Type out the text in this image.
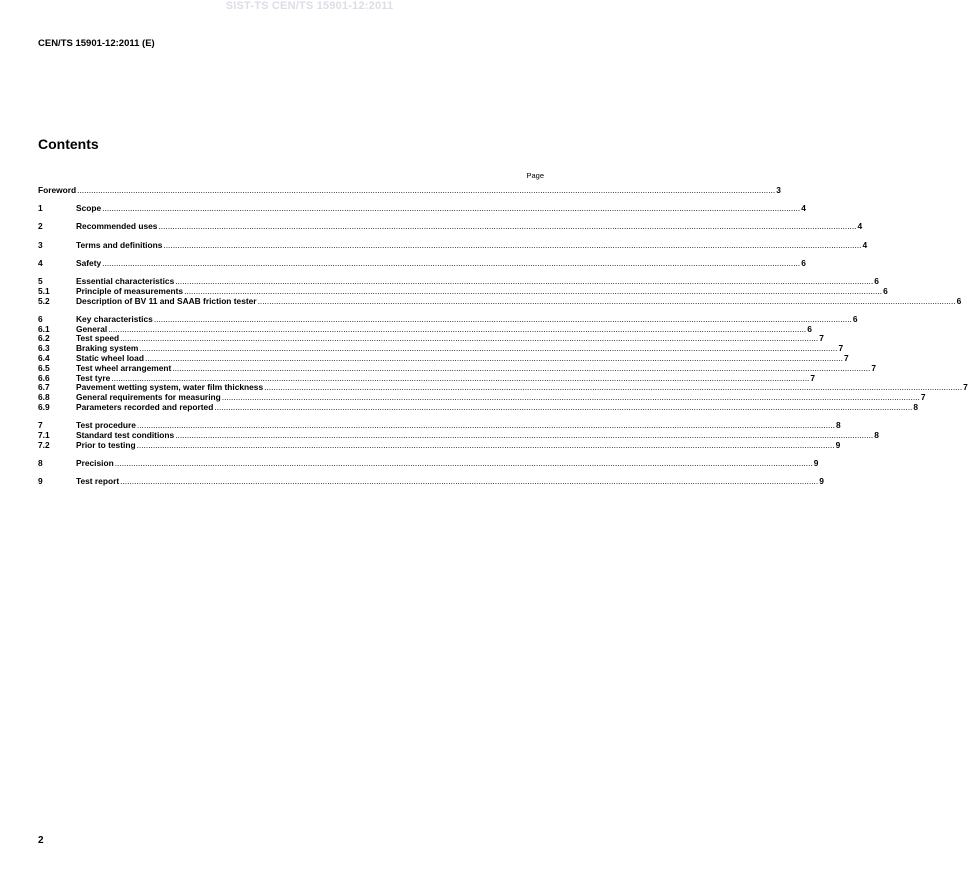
SIST-TS CEN/TS 15901-12:2011
CEN/TS 15901-12:2011 (E)
Contents
Page
Foreword ............................................................................................................................................................................................................................................................................................................ 3
1	Scope ............................................................................................................................................................................................................................................................................................................ 4
2	Recommended uses ............................................................................................................................................................................................................................................................................................................ 4
3	Terms and definitions ............................................................................................................................................................................................................................................................................................................ 4
4	Safety ............................................................................................................................................................................................................................................................................................................ 6
5	Essential characteristics ............................................................................................................................................................................................................................................................................................................ 6
5.1	Principle of measurements ............................................................................................................................................................................................................................................................................................................ 6
5.2	Description of BV 11 and SAAB friction tester ............................................................................................................................................................................................................................................................................................................ 6
6	Key characteristics ............................................................................................................................................................................................................................................................................................................ 6
6.1	General ............................................................................................................................................................................................................................................................................................................ 6
6.2	Test speed ............................................................................................................................................................................................................................................................................................................ 7
6.3	Braking system ............................................................................................................................................................................................................................................................................................................ 7
6.4	Static wheel load ............................................................................................................................................................................................................................................................................................................ 7
6.5	Test wheel arrangement ............................................................................................................................................................................................................................................................................................................ 7
6.6	Test tyre ............................................................................................................................................................................................................................................................................................................ 7
6.7	Pavement wetting system, water film thickness ............................................................................................................................................................................................................................................................................................................ 7
6.8	General requirements for measuring ............................................................................................................................................................................................................................................................................................................ 7
6.9	Parameters recorded and reported ............................................................................................................................................................................................................................................................................................................ 8
7	Test procedure ............................................................................................................................................................................................................................................................................................................ 8
7.1	Standard test conditions ............................................................................................................................................................................................................................................................................................................ 8
7.2	Prior to testing ............................................................................................................................................................................................................................................................................................................ 9
8	Precision ............................................................................................................................................................................................................................................................................................................ 9
9	Test report ............................................................................................................................................................................................................................................................................................................ 9
2
